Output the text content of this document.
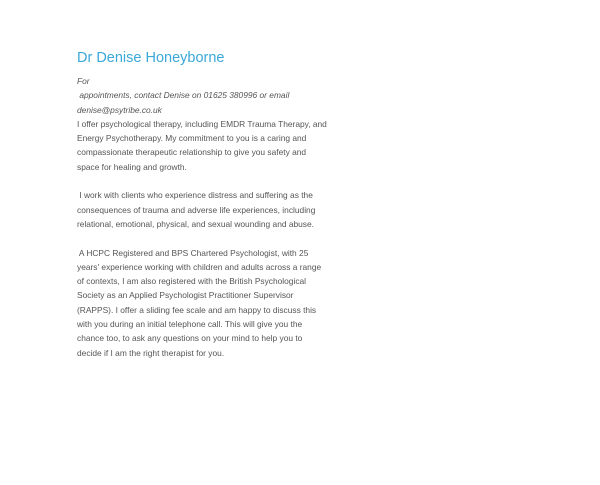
Dr Denise Honeyborne
For
appointments, contact Denise on 01625 380996 or email
denise@psytribe.co.uk
I offer psychological therapy, including EMDR Trauma Therapy, and
Energy Psychotherapy. My commitment to you is a caring and
compassionate therapeutic relationship to give you safety and
space for healing and growth.
I work with clients who experience distress and suffering as the
consequences of trauma and adverse life experiences, including
relational, emotional, physical, and sexual wounding and abuse.
A HCPC Registered and BPS Chartered Psychologist, with 25
years' experience working with children and adults across a range
of contexts, I am also registered with the British Psychological
Society as an Applied Psychologist Practitioner Supervisor
(RAPPS). I offer a sliding fee scale and am happy to discuss this
with you during an initial telephone call. This will give you the
chance too, to ask any questions on your mind to help you to
decide if I am the right therapist for you.
